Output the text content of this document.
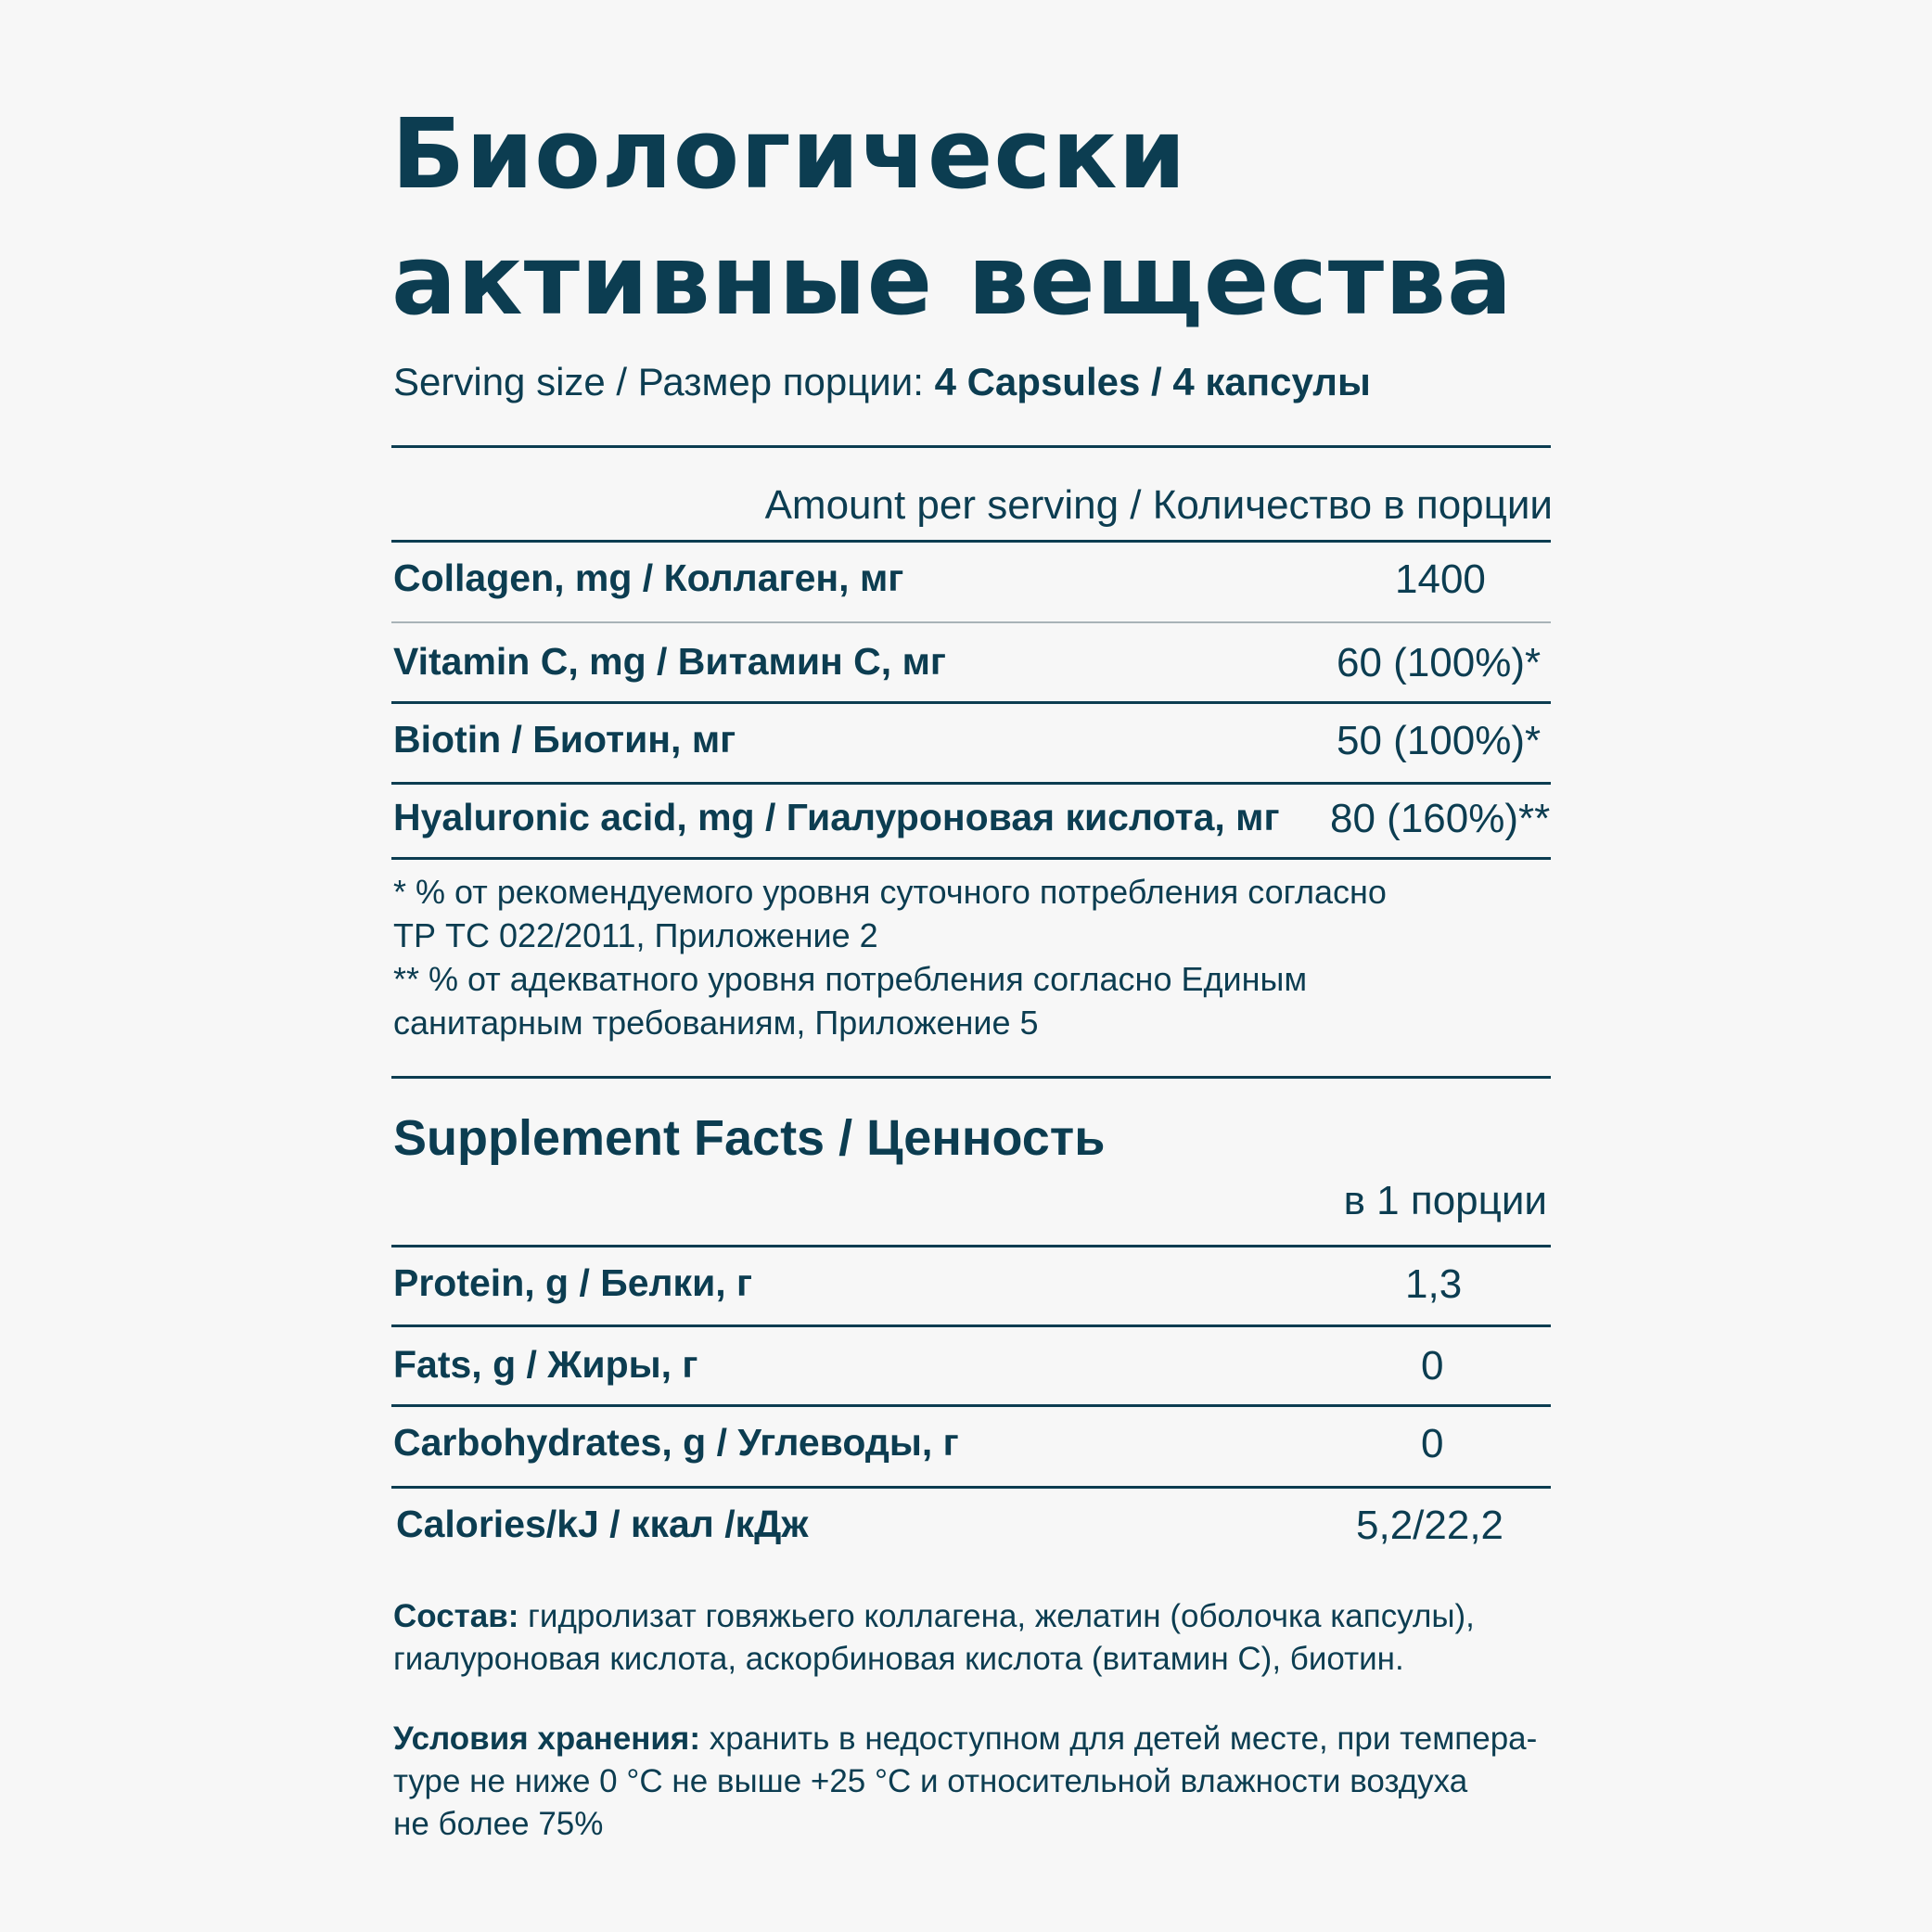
Биологически
активные вещества
Serving size / Размер порции: 4 Capsules / 4 капсулы
Amount per serving / Количество в порции
Collagen, mg / Коллаген, мг	1400
Vitamin C, mg / Витамин C, мг	60 (100%)*
Biotin / Биотин, мг	50 (100%)*
Hyaluronic acid, mg / Гиалуроновая кислота, мг 80 (160%)**
* % от рекомендуемого уровня суточного потребления согласно
ТР ТС 022/2011, Приложение 2
** % от адекватного уровня потребления согласно Единым
санитарным требованиям, Приложение 5
Supplement Facts / Ценность
в 1 порции
Protein, g / Белки, г	1,3
Fats, g / Жиры, г	0
Carbohydrates, g / Углеводы, г	0
Calories/kJ / ккал /кДж	5,2/22,2
Состав: гидролизат говяжьего коллагена, желатин (оболочка капсулы),
гиалуроновая кислота, аскорбиновая кислота (витамин С), биотин.
Условия хранения: хранить в недоступном для детей месте, при темпера-
туре не ниже 0 °С не выше +25 °С и относительной влажности воздуха
не более 75%
